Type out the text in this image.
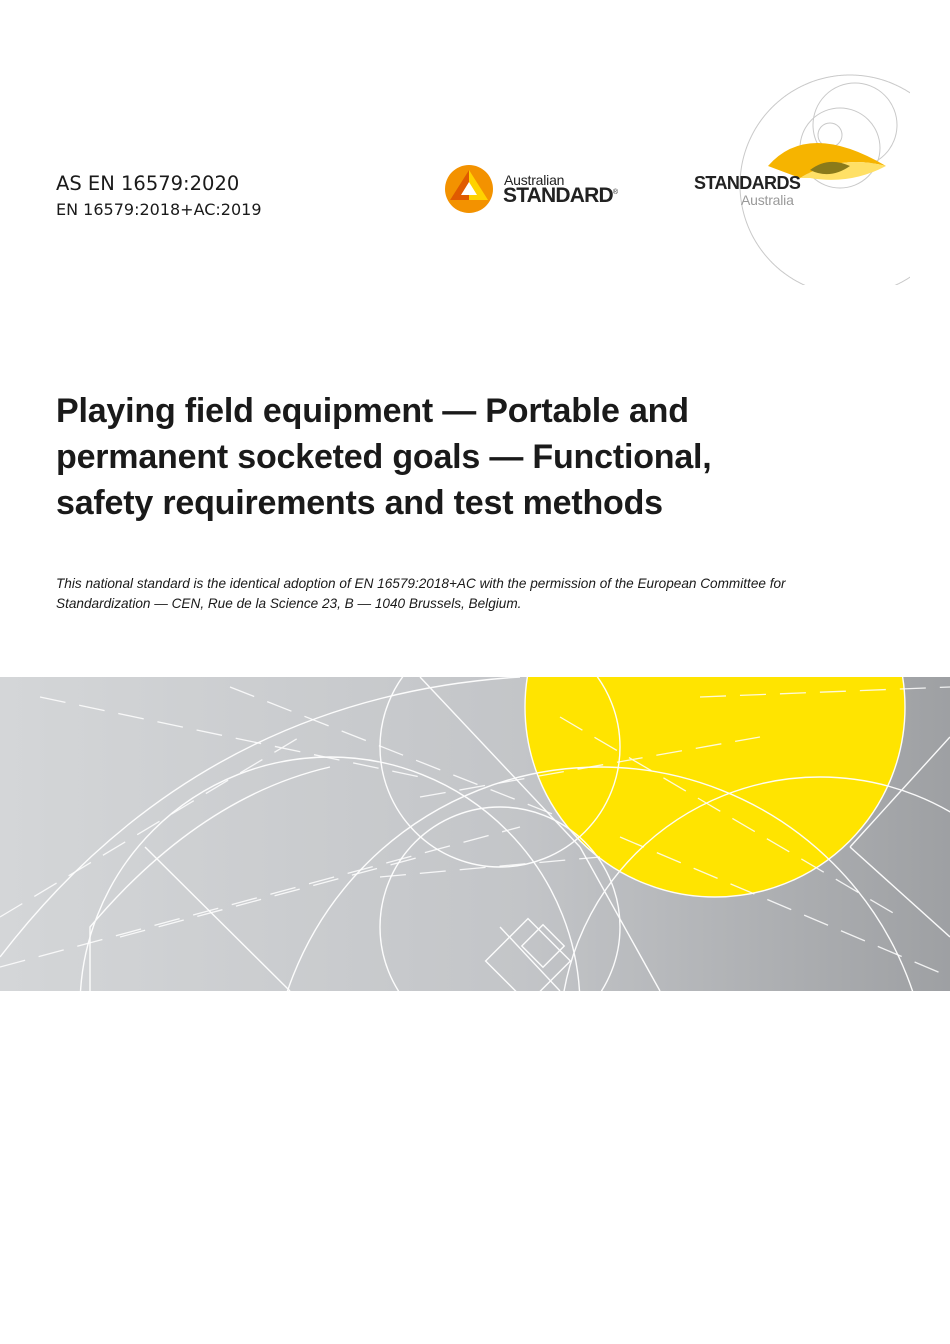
AS EN 16579:2020
EN 16579:2018+AC:2019
Australian
STANDARD®	STANDARDS
Australia
Playing field equipment — Portable and
permanent socketed goals — Functional,
safety requirements and test methods

This national standard is the identical adoption of EN 16579:2018+AC with the permission of the European Committee for
Standardization — CEN, Rue de la Science 23, B — 1040 Brussels, Belgium.
